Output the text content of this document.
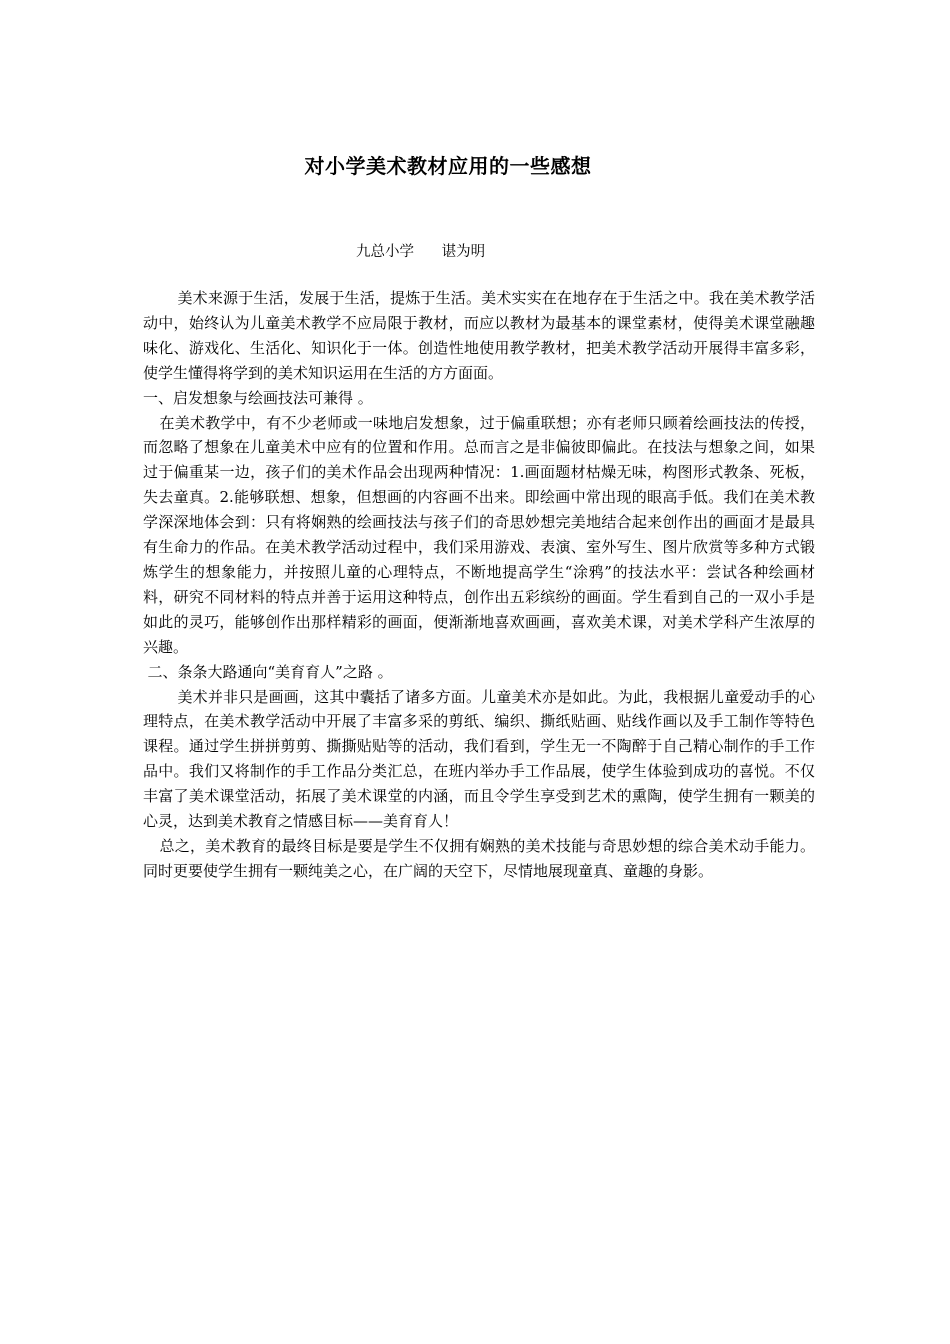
对小学美术教材应用的一些感想
九总小学      谌为明

美术来源于生活，发展于生活，提炼于生活。美术实实在在地存在于生活之中。我在美术教学活动中，始终认为儿童美术教学不应局限于教材，而应以教材为最基本的课堂素材，使得美术课堂融趣味化、游戏化、生活化、知识化于一体。创造性地使用教学教材，把美术教学活动开展得丰富多彩，使学生懂得将学到的美术知识运用在生活的方方面面。

一、启发想象与绘画技法可兼得 。

在美术教学中，有不少老师或一味地启发想象，过于偏重联想；亦有老师只顾着绘画技法的传授，而忽略了想象在儿童美术中应有的位置和作用。总而言之是非偏彼即偏此。在技法与想象之间，如果过于偏重某一边，孩子们的美术作品会出现两种情况：1.画面题材枯燥无味，构图形式教条、死板，失去童真。2.能够联想、想象，但想画的内容画不出来。即绘画中常出现的眼高手低。我们在美术教学深深地体会到：只有将娴熟的绘画技法与孩子们的奇思妙想完美地结合起来创作出的画面才是最具有生命力的作品。在美术教学活动过程中，我们采用游戏、表演、室外写生、图片欣赏等多种方式锻炼学生的想象能力，并按照儿童的心理特点，不断地提高学生“涂鸦”的技法水平：尝试各种绘画材料，研究不同材料的特点并善于运用这种特点，创作出五彩缤纷的画面。学生看到自己的一双小手是如此的灵巧，能够创作出那样精彩的画面，便渐渐地喜欢画画，喜欢美术课，对美术学科产生浓厚的兴趣。

二、条条大路通向“美育育人”之路 。

美术并非只是画画，这其中囊括了诸多方面。儿童美术亦是如此。为此，我根据儿童爱动手的心理特点，在美术教学活动中开展了丰富多采的剪纸、编织、撕纸贴画、贴线作画以及手工制作等特色课程。通过学生拼拼剪剪、撕撕贴贴等的活动，我们看到，学生无一不陶醉于自己精心制作的手工作品中。我们又将制作的手工作品分类汇总，在班内举办手工作品展，使学生体验到成功的喜悦。不仅丰富了美术课堂活动，拓展了美术课堂的内涵，而且令学生享受到艺术的熏陶，使学生拥有一颗美的心灵，达到美术教育之情感目标——美育育人！

总之，美术教育的最终目标是要是学生不仅拥有娴熟的美术技能与奇思妙想的综合美术动手能力。同时更要使学生拥有一颗纯美之心，在广阔的天空下，尽情地展现童真、童趣的身影。
